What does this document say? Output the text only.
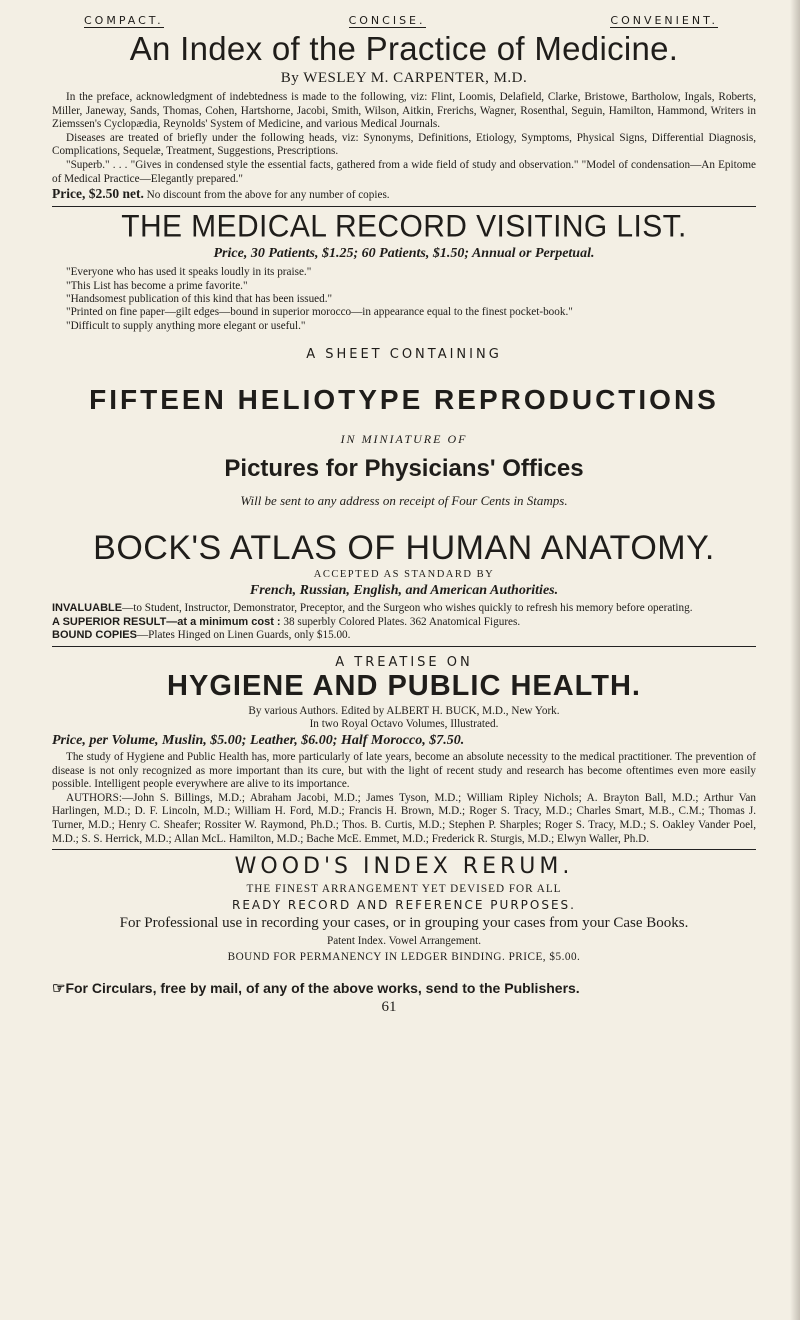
COMPACT.	CONCISE.	CONVENIENT.
An Index of the Practice of Medicine.

By WESLEY M. CARPENTER, M.D.

In the preface, acknowledgment of indebtedness is made to the following, viz: Flint, Loomis, Delafield, Clarke, Bristowe, Bartholow, Ingals, Roberts, Miller, Janeway, Sands, Thomas, Cohen, Hartshorne, Jacobi, Smith, Wilson, Aitkin, Frerichs, Wagner, Rosenthal, Seguin, Hamilton, Hammond, Writers in Ziemssen's Cyclopædia, Reynolds' System of Medicine, and various Medical Journals.

Diseases are treated of briefly under the following heads, viz: Synonyms, Definitions, Etiology, Symptoms, Physical Signs, Differential Diagnosis, Complications, Sequelæ, Treatment, Suggestions, Prescriptions.

"Superb." . . . "Gives in condensed style the essential facts, gathered from a wide field of study and observation." "Model of condensation—An Epitome of Medical Practice—Elegantly prepared."

Price, $2.50 net. No discount from the above for any number of copies.

THE MEDICAL RECORD VISITING LIST.

Price, 30 Patients, $1.25; 60 Patients, $1.50; Annual or Perpetual.

"Everyone who has used it speaks loudly in its praise."

"This List has become a prime favorite."

"Handsomest publication of this kind that has been issued."

"Printed on fine paper—gilt edges—bound in superior morocco—in appearance equal to the finest pocket-book."

"Difficult to supply anything more elegant or useful."

A SHEET CONTAINING

FIFTEEN HELIOTYPE REPRODUCTIONS

IN MINIATURE OF

Pictures for Physicians' Offices

Will be sent to any address on receipt of Four Cents in Stamps.

BOCK'S ATLAS OF HUMAN ANATOMY.

ACCEPTED AS STANDARD BY

French, Russian, English, and American Authorities.

INVALUABLE—to Student, Instructor, Demonstrator, Preceptor, and the Surgeon who wishes quickly to refresh his memory before operating.

A SUPERIOR RESULT—at a minimum cost : 38 superbly Colored Plates. 362 Anatomical Figures.

BOUND COPIES—Plates Hinged on Linen Guards, only $15.00.

A TREATISE ON

HYGIENE AND PUBLIC HEALTH.

By various Authors. Edited by ALBERT H. BUCK, M.D., New York.

In two Royal Octavo Volumes, Illustrated.

Price, per Volume, Muslin, $5.00; Leather, $6.00; Half Morocco, $7.50.

The study of Hygiene and Public Health has, more particularly of late years, become an absolute necessity to the medical practitioner. The prevention of disease is not only recognized as more important than its cure, but with the light of recent study and research has become oftentimes even more easily possible. Intelligent people everywhere are alive to its importance.

AUTHORS:—John S. Billings, M.D.; Abraham Jacobi, M.D.; James Tyson, M.D.; William Ripley Nichols; A. Brayton Ball, M.D.; Arthur Van Harlingen, M.D.; D. F. Lincoln, M.D.; William H. Ford, M.D.; Francis H. Brown, M.D.; Roger S. Tracy, M.D.; Charles Smart, M.B., C.M.; Thomas J. Turner, M.D.; Henry C. Sheafer; Rossiter W. Raymond, Ph.D.; Thos. B. Curtis, M.D.; Stephen P. Sharples; Roger S. Tracy, M.D.; S. Oakley Vander Poel, M.D.; S. S. Herrick, M.D.; Allan McL. Hamilton, M.D.; Bache McE. Emmet, M.D.; Frederick R. Sturgis, M.D.; Elwyn Waller, Ph.D.

WOOD'S INDEX RERUM.

THE FINEST ARRANGEMENT YET DEVISED FOR ALL

READY RECORD AND REFERENCE PURPOSES.

For Professional use in recording your cases, or in grouping your cases from your Case Books.

Patent Index. Vowel Arrangement.

BOUND FOR PERMANENCY IN LEDGER BINDING. PRICE, $5.00.

☞For Circulars, free by mail, of any of the above works, send to the Publishers.

61
